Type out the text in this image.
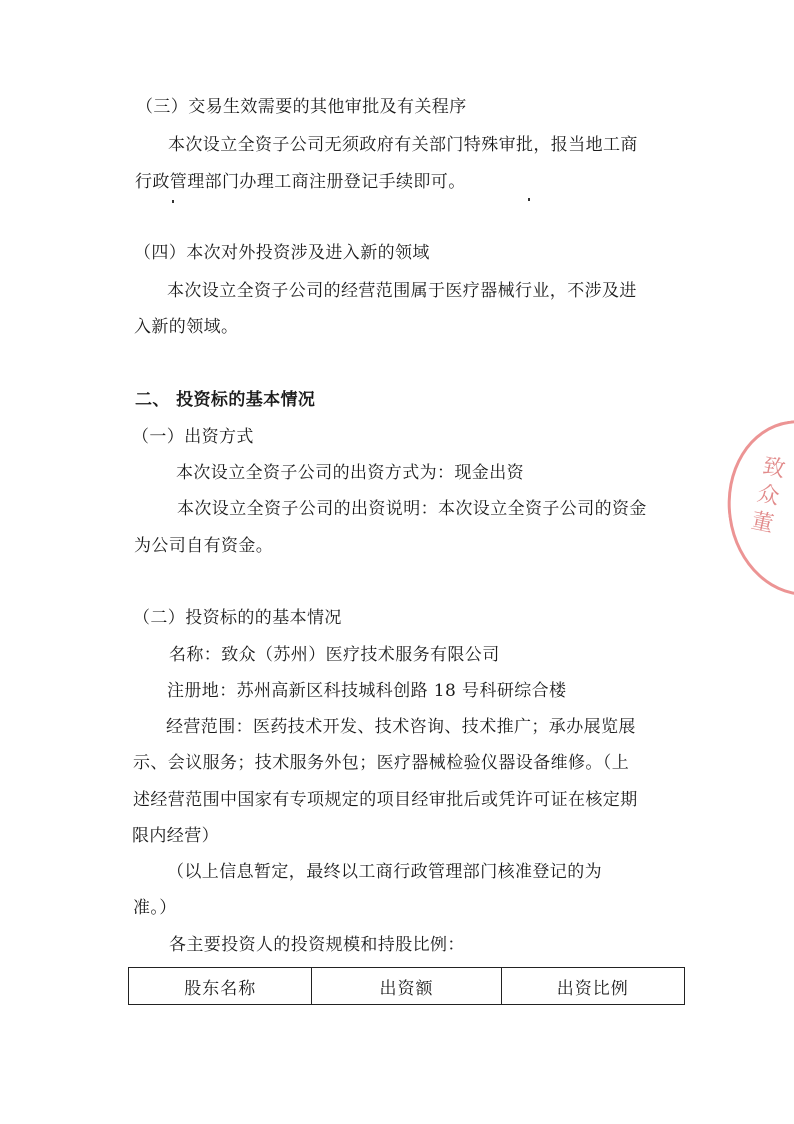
（三）交易生效需要的其他审批及有关程序
本次设立全资子公司无须政府有关部门特殊审批，报当地工商
行政管理部门办理工商注册登记手续即可。
（四）本次对外投资涉及进入新的领域
本次设立全资子公司的经营范围属于医疗器械行业，不涉及进
入新的领域。
二、 投资标的基本情况
（一）出资方式
本次设立全资子公司的出资方式为：现金出资
本次设立全资子公司的出资说明：本次设立全资子公司的资金
为公司自有资金。
（二）投资标的的基本情况
名称：致众（苏州）医疗技术服务有限公司
注册地：苏州高新区科技城科创路 18 号科研综合楼
经营范围：医药技术开发、技术咨询、技术推广；承办展览展
示、会议服务；技术服务外包；医疗器械检验仪器设备维修。（上
述经营范围中国家有专项规定的项目经审批后或凭许可证在核定期
限内经营）
（以上信息暂定，最终以工商行政管理部门核准登记的为
准。）
各主要投资人的投资规模和持股比例：
股东名称	出资额	出资比例
致众 董
